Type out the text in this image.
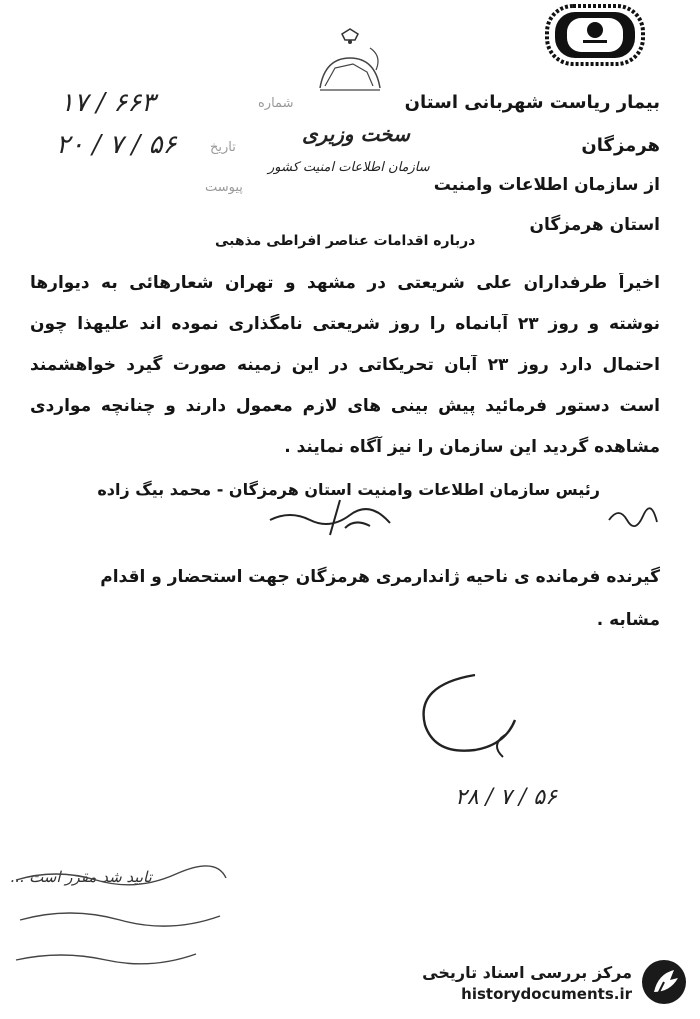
۶۶۳ / ۱۷	شماره
۵۶ / ۷ / ۲۰	تاریخ
پیوست
سخت وزیری
سازمان اطلاعات امنیت کشور
بیمار ریاست شهربانی استان
هرمزگان
از سازمان اطلاعات وامنیت
استان هرمزگان
درباره اقدامات عناصر افراطی مذهبی
اخیراً طرفداران علی شریعتی در مشهد و تهران شعارهائی به دیوارها
نوشته و روز ۲۳ آبانماه را روز شریعتی نامگذاری نموده اند علیهذا چون
احتمال دارد روز ۲۳ آبان تحریکاتی در این زمینه صورت گیرد خواهشمند
است دستور فرمائید پیش بینی های لازم معمول دارند و چنانچه مواردی
مشاهده گردید این سازمان را نیز آگاه نمایند .
رئیس سازمان اطلاعات وامنیت استان هرمزگان - محمد بیگ زاده
گیرنده فرمانده ی ناحیه ژاندارمری هرمزگان جهت استحضار و اقدام
مشابه .
۵۶ / ۷ / ۲۸
تایید شد مقرر است ...
مرکز بررسی اسناد تاریخی
historydocuments.ir
